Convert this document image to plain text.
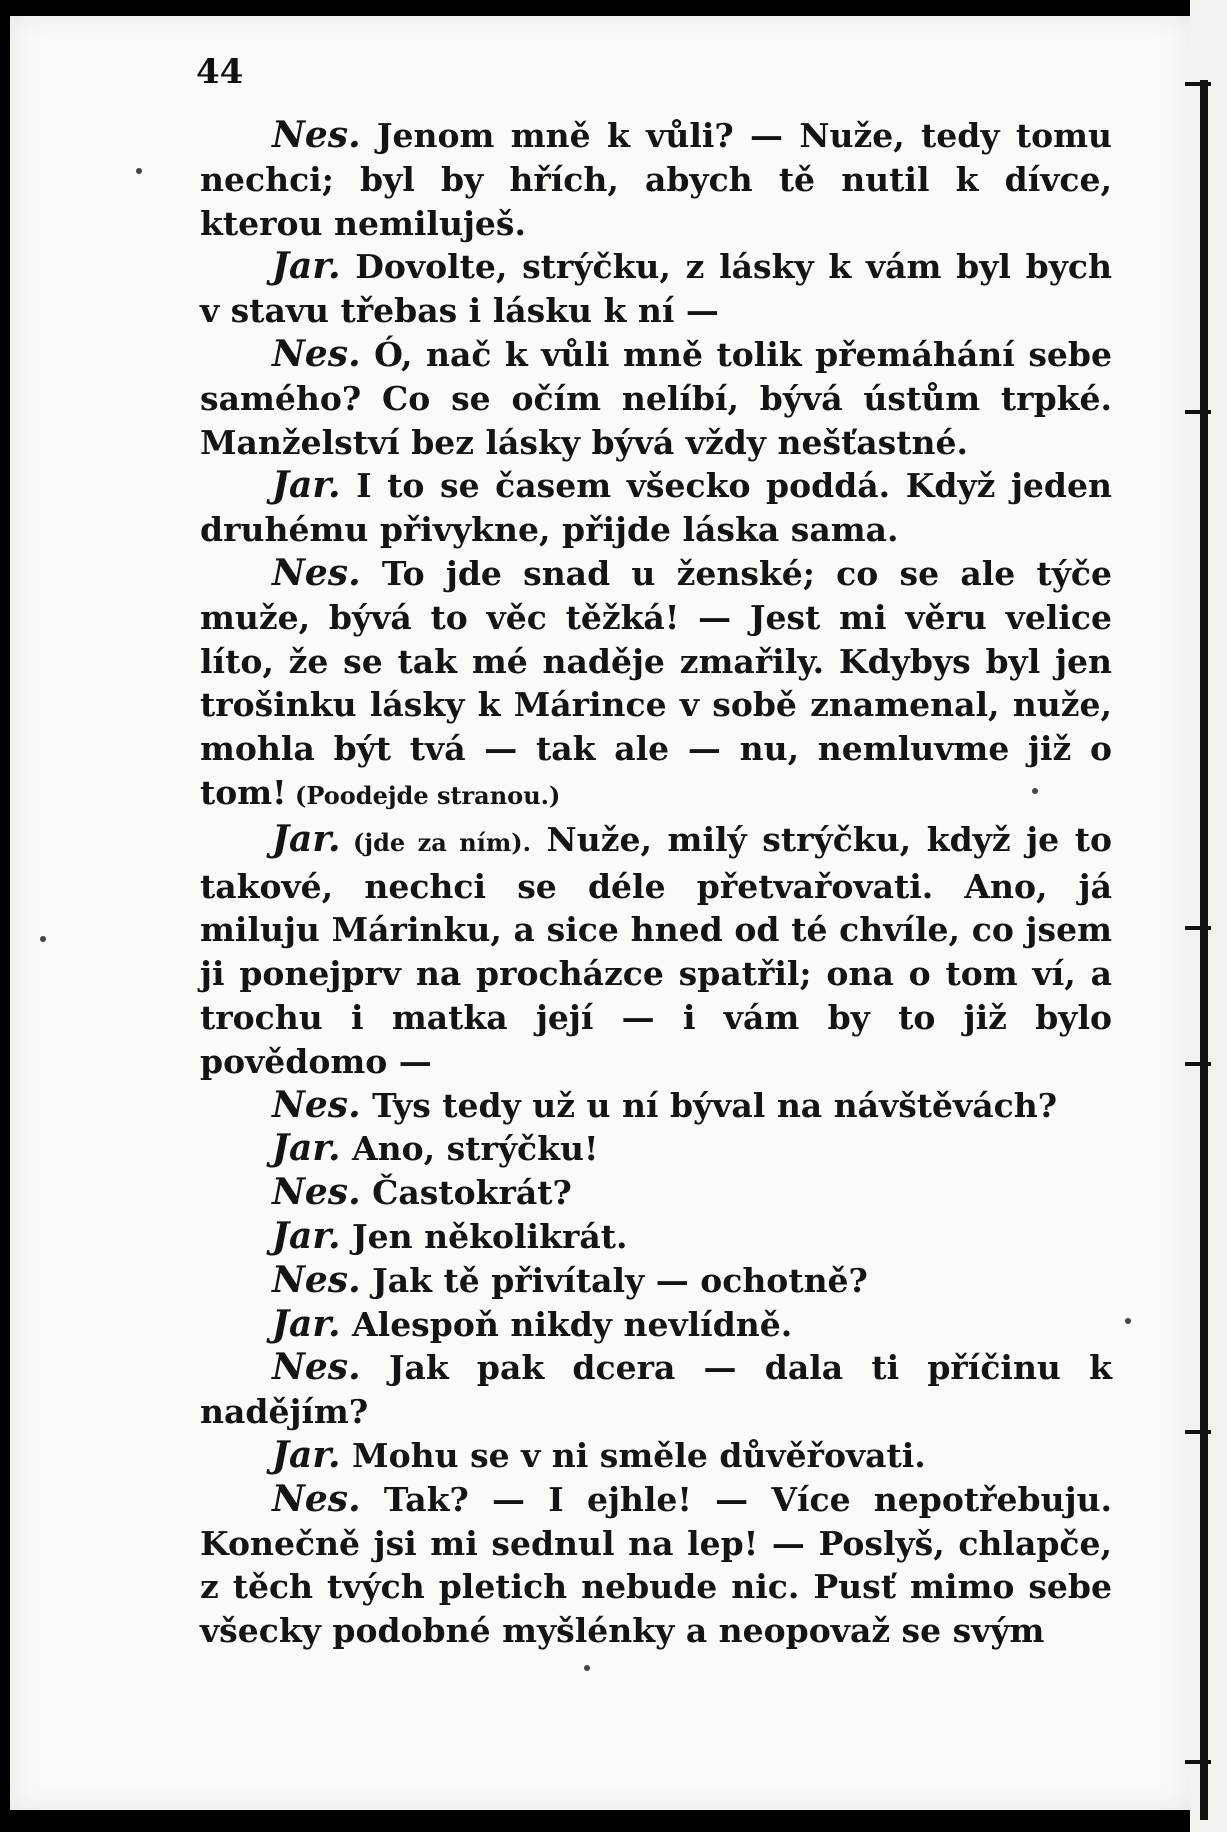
44

Nes. Jenom mně k vůli? — Nuže, tedy tomu nechci; byl by hřích, abych tě nutil k dívce, kterou nemiluješ.

Jar. Dovolte, strýčku, z lásky k vám byl bych v stavu třebas i lásku k ní —

Nes. Ó, nač k vůli mně tolik přemáhání sebe samého? Co se očím nelíbí, bývá ústům trpké. Manželství bez lásky bývá vždy nešťastné.

Jar. I to se časem všecko poddá. Když jeden druhému přivykne, přijde láska sama.

Nes. To jde snad u ženské; co se ale týče muže, bývá to věc těžká! — Jest mi věru velice líto, že se tak mé naděje zmařily. Kdybys byl jen trošinku lásky k Márince v sobě znamenal, nuže, mohla být tvá — tak ale — nu, nemluvme již o tom! (Poodejde stranou.)

Jar. (jde za ním). Nuže, milý strýčku, když je to takové, nechci se déle přetvařovati. Ano, já miluju Márinku, a sice hned od té chvíle, co jsem ji ponejprv na procházce spatřil; ona o tom ví, a trochu i matka její — i vám by to již bylo povědomo —

Nes. Tys tedy už u ní býval na návštěvách?

Jar. Ano, strýčku!

Nes. Častokrát?

Jar. Jen několikrát.

Nes. Jak tě přivítaly — ochotně?

Jar. Alespoň nikdy nevlídně.

Nes. Jak pak dcera — dala ti příčinu k nadějím?

Jar. Mohu se v ni směle důvěřovati.

Nes. Tak? — I ejhle! — Více nepotřebuju. Konečně jsi mi sednul na lep! — Poslyš, chlapče, z těch tvých pletich nebude nic. Pusť mimo sebe všecky podobné myšlénky a neopovaž se svým
